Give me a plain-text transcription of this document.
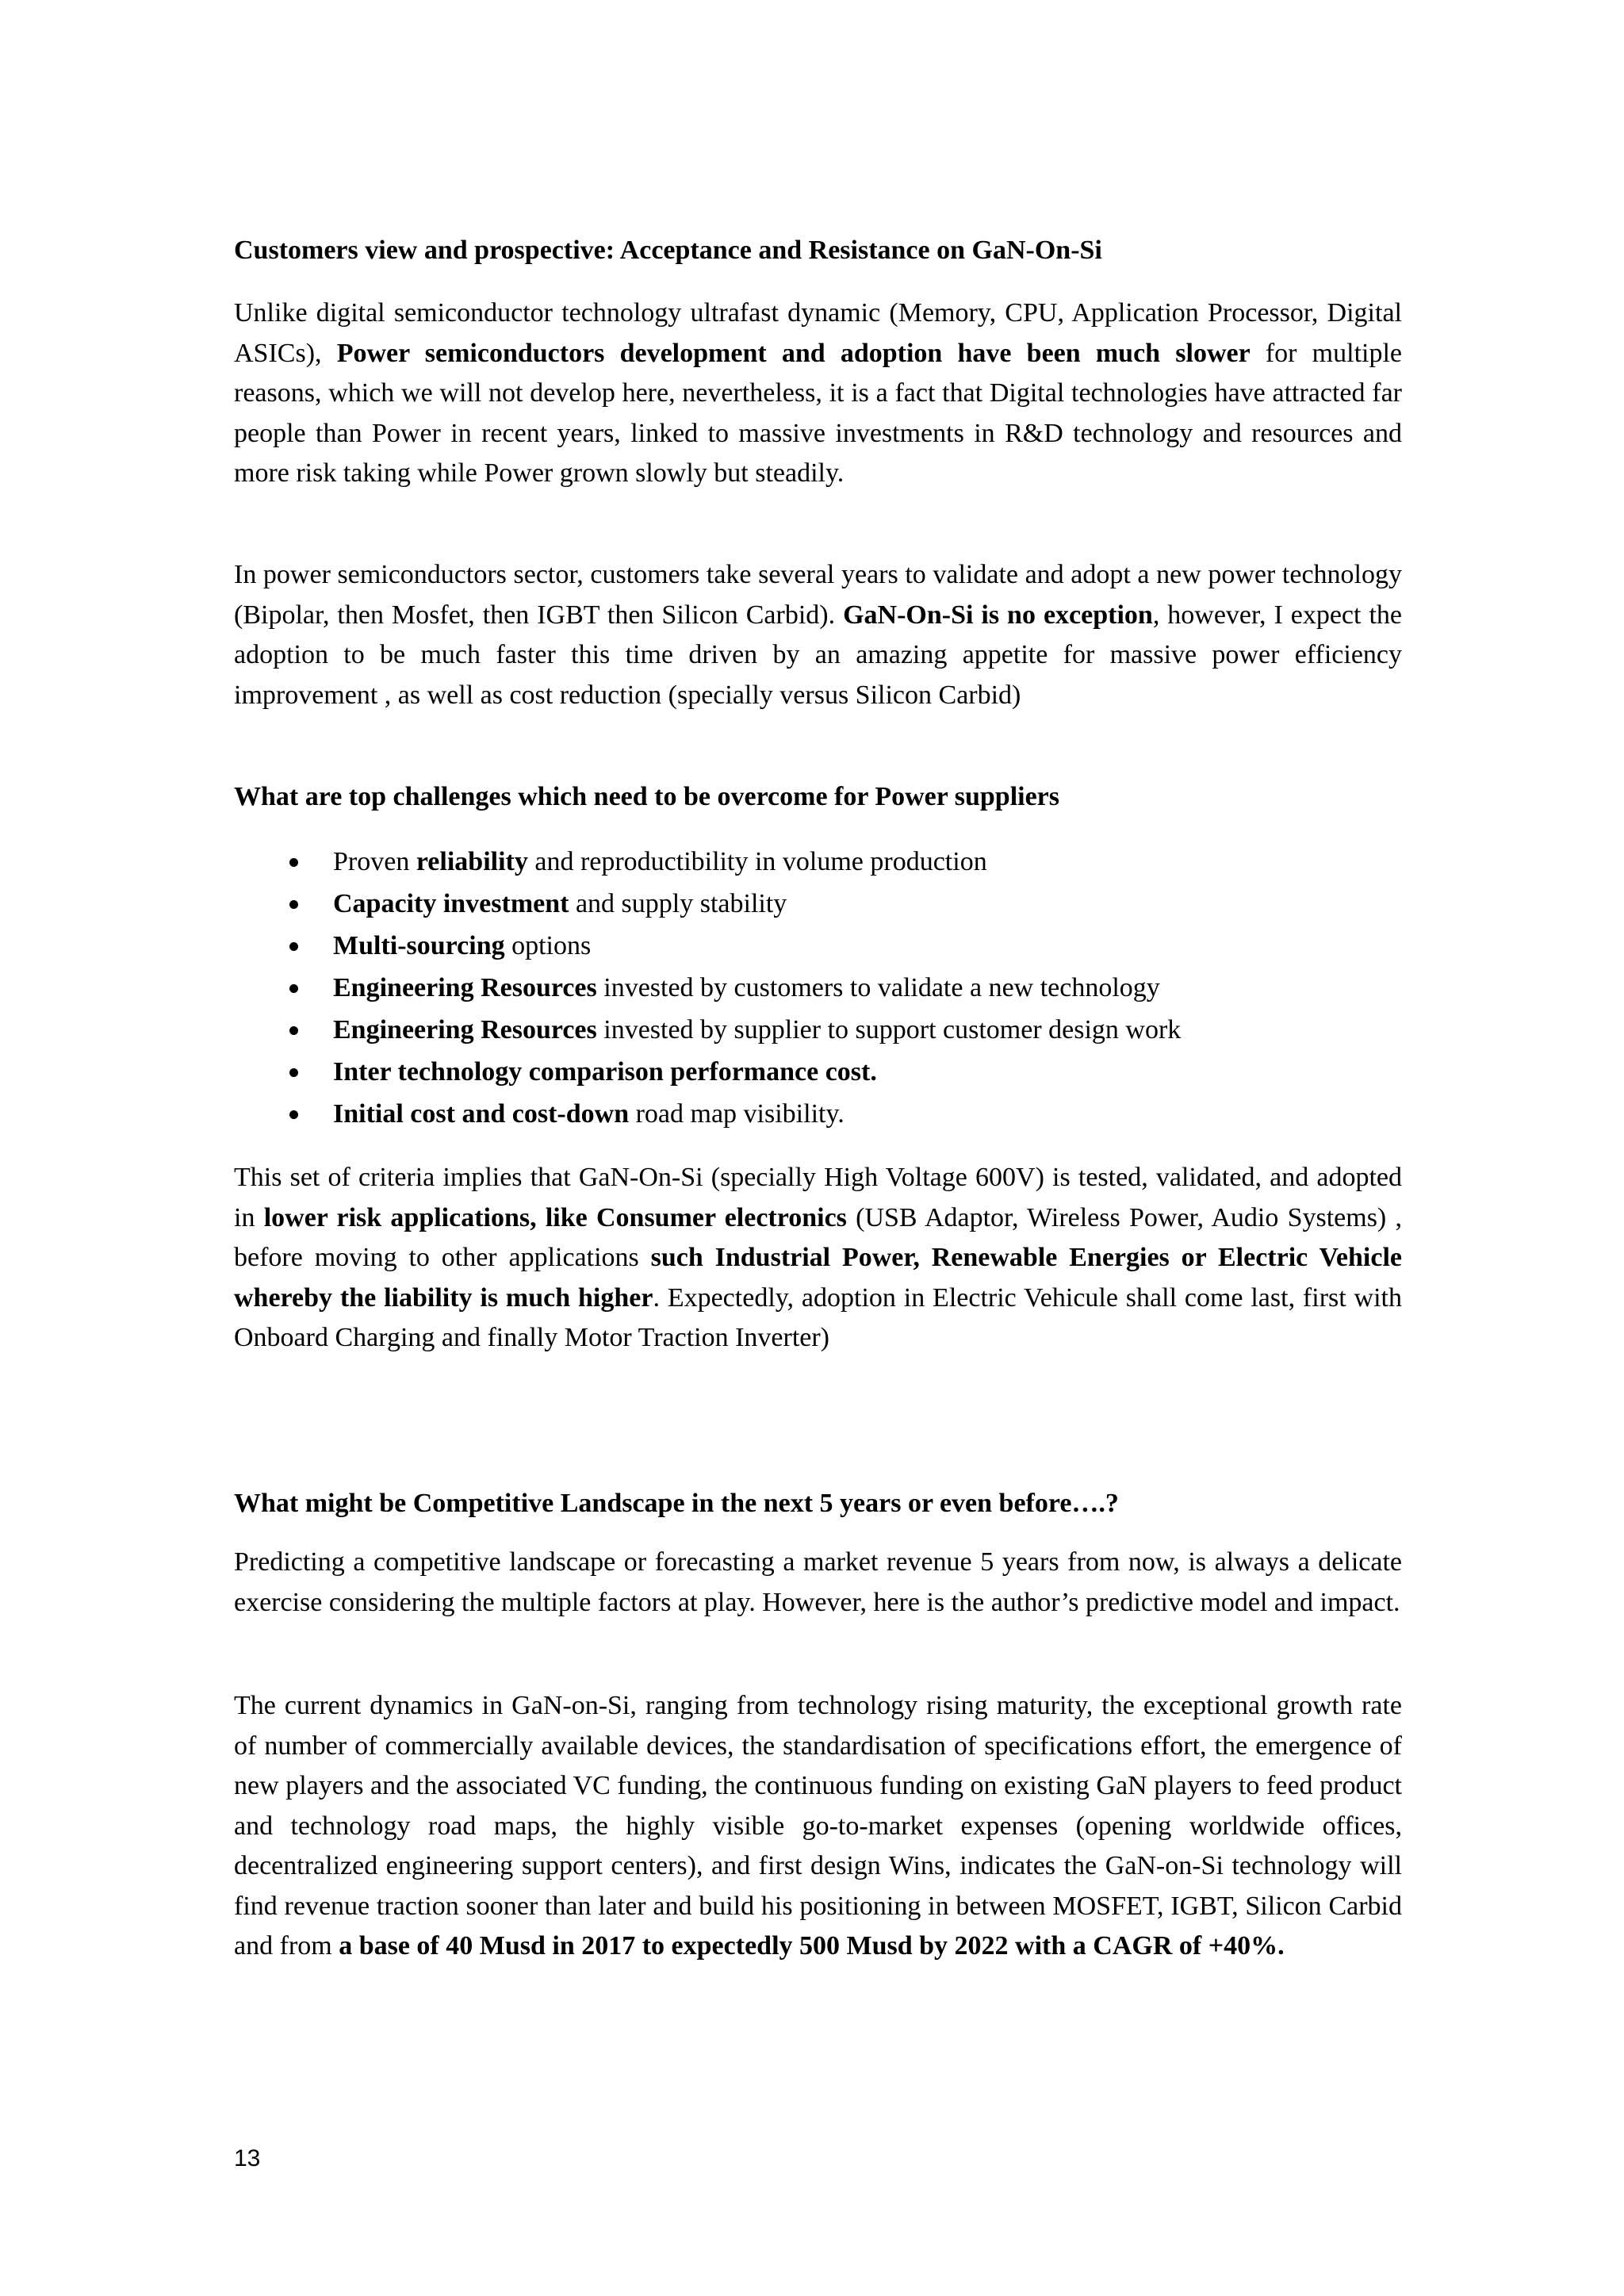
Customers view and prospective: Acceptance and Resistance on GaN-On-Si

Unlike digital semiconductor technology ultrafast dynamic (Memory, CPU, Application Processor, Digital ASICs), Power semiconductors development and adoption have been much slower for multiple reasons, which we will not develop here, nevertheless, it is a fact that Digital technologies have attracted far people than Power in recent years, linked to massive investments in R&D technology and resources and more risk taking while Power grown slowly but steadily.

In power semiconductors sector, customers take several years to validate and adopt a new power technology (Bipolar, then Mosfet, then IGBT then Silicon Carbid). GaN-On-Si is no exception, however, I expect the adoption to be much faster this time driven by an amazing appetite for massive power efficiency improvement , as well as cost reduction (specially versus Silicon Carbid)

What are top challenges which need to be overcome for Power suppliers
Proven reliability and reproductibility in volume production
Capacity investment and supply stability
Multi-sourcing options
Engineering Resources invested by customers to validate a new technology
Engineering Resources invested by supplier to support customer design work
Inter technology comparison performance cost.
Initial cost and cost-down road map visibility.

This set of criteria implies that GaN-On-Si (specially High Voltage 600V) is tested, validated, and adopted in lower risk applications, like Consumer electronics (USB Adaptor, Wireless Power, Audio Systems) , before moving to other applications such Industrial Power, Renewable Energies or Electric Vehicle whereby the liability is much higher. Expectedly, adoption in Electric Vehicule shall come last, first with Onboard Charging and finally Motor Traction Inverter)

What might be Competitive Landscape in the next 5 years or even before….?

Predicting a competitive landscape or forecasting a market revenue 5 years from now, is always a delicate exercise considering the multiple factors at play. However, here is the author’s predictive model and impact.

The current dynamics in GaN-on-Si, ranging from technology rising maturity, the exceptional growth rate of number of commercially available devices, the standardisation of specifications effort, the emergence of new players and the associated VC funding, the continuous funding on existing GaN players to feed product and technology road maps, the highly visible go-to-market expenses (opening worldwide offices, decentralized engineering support centers), and first design Wins, indicates the GaN-on-Si technology will find revenue traction sooner than later and build his positioning in between MOSFET, IGBT, Silicon Carbid and from a base of 40 Musd in 2017 to expectedly 500 Musd by 2022 with a CAGR of +40%.

13
